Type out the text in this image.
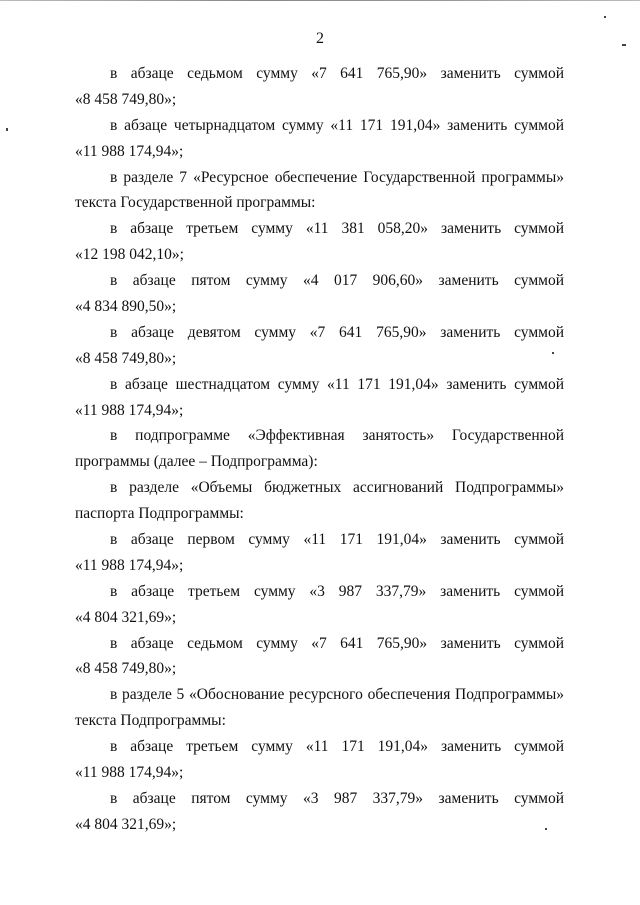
2

в абзаце седьмом сумму «7 641 765,90» заменить суммой
«8 458 749,80»;

в абзаце четырнадцатом сумму «11 171 191,04» заменить суммой
«11 988 174,94»;

в разделе 7 «Ресурсное обеспечение Государственной программы»
текста Государственной программы:

в абзаце третьем сумму «11 381 058,20» заменить суммой
«12 198 042,10»;

в абзаце пятом сумму «4 017 906,60» заменить суммой
«4 834 890,50»;

в абзаце девятом сумму «7 641 765,90» заменить суммой
«8 458 749,80»;

в абзаце шестнадцатом сумму «11 171 191,04» заменить суммой
«11 988 174,94»;

в подпрограмме «Эффективная занятость» Государственной
программы (далее – Подпрограмма):

в разделе «Объемы бюджетных ассигнований Подпрограммы»
паспорта Подпрограммы:

в абзаце первом сумму «11 171 191,04» заменить суммой
«11 988 174,94»;

в абзаце третьем сумму «3 987 337,79» заменить суммой
«4 804 321,69»;

в абзаце седьмом сумму «7 641 765,90» заменить суммой
«8 458 749,80»;

в разделе 5 «Обоснование ресурсного обеспечения Подпрограммы»
текста Подпрограммы:

в абзаце третьем сумму «11 171 191,04» заменить суммой
«11 988 174,94»;

в абзаце пятом сумму «3 987 337,79» заменить суммой
«4 804 321,69»;
